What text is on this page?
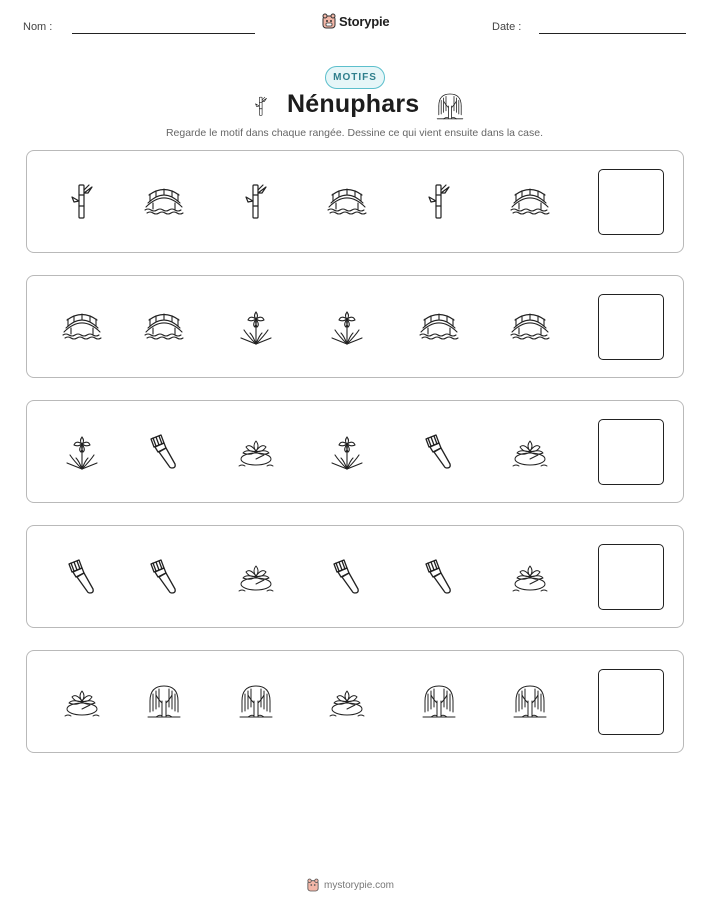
Nom :	Storypie	Date :
MOTIFS
Nénuphars
Regarde le motif dans chaque rangée. Dessine ce qui vient ensuite dans la case.
mystorypie.com
